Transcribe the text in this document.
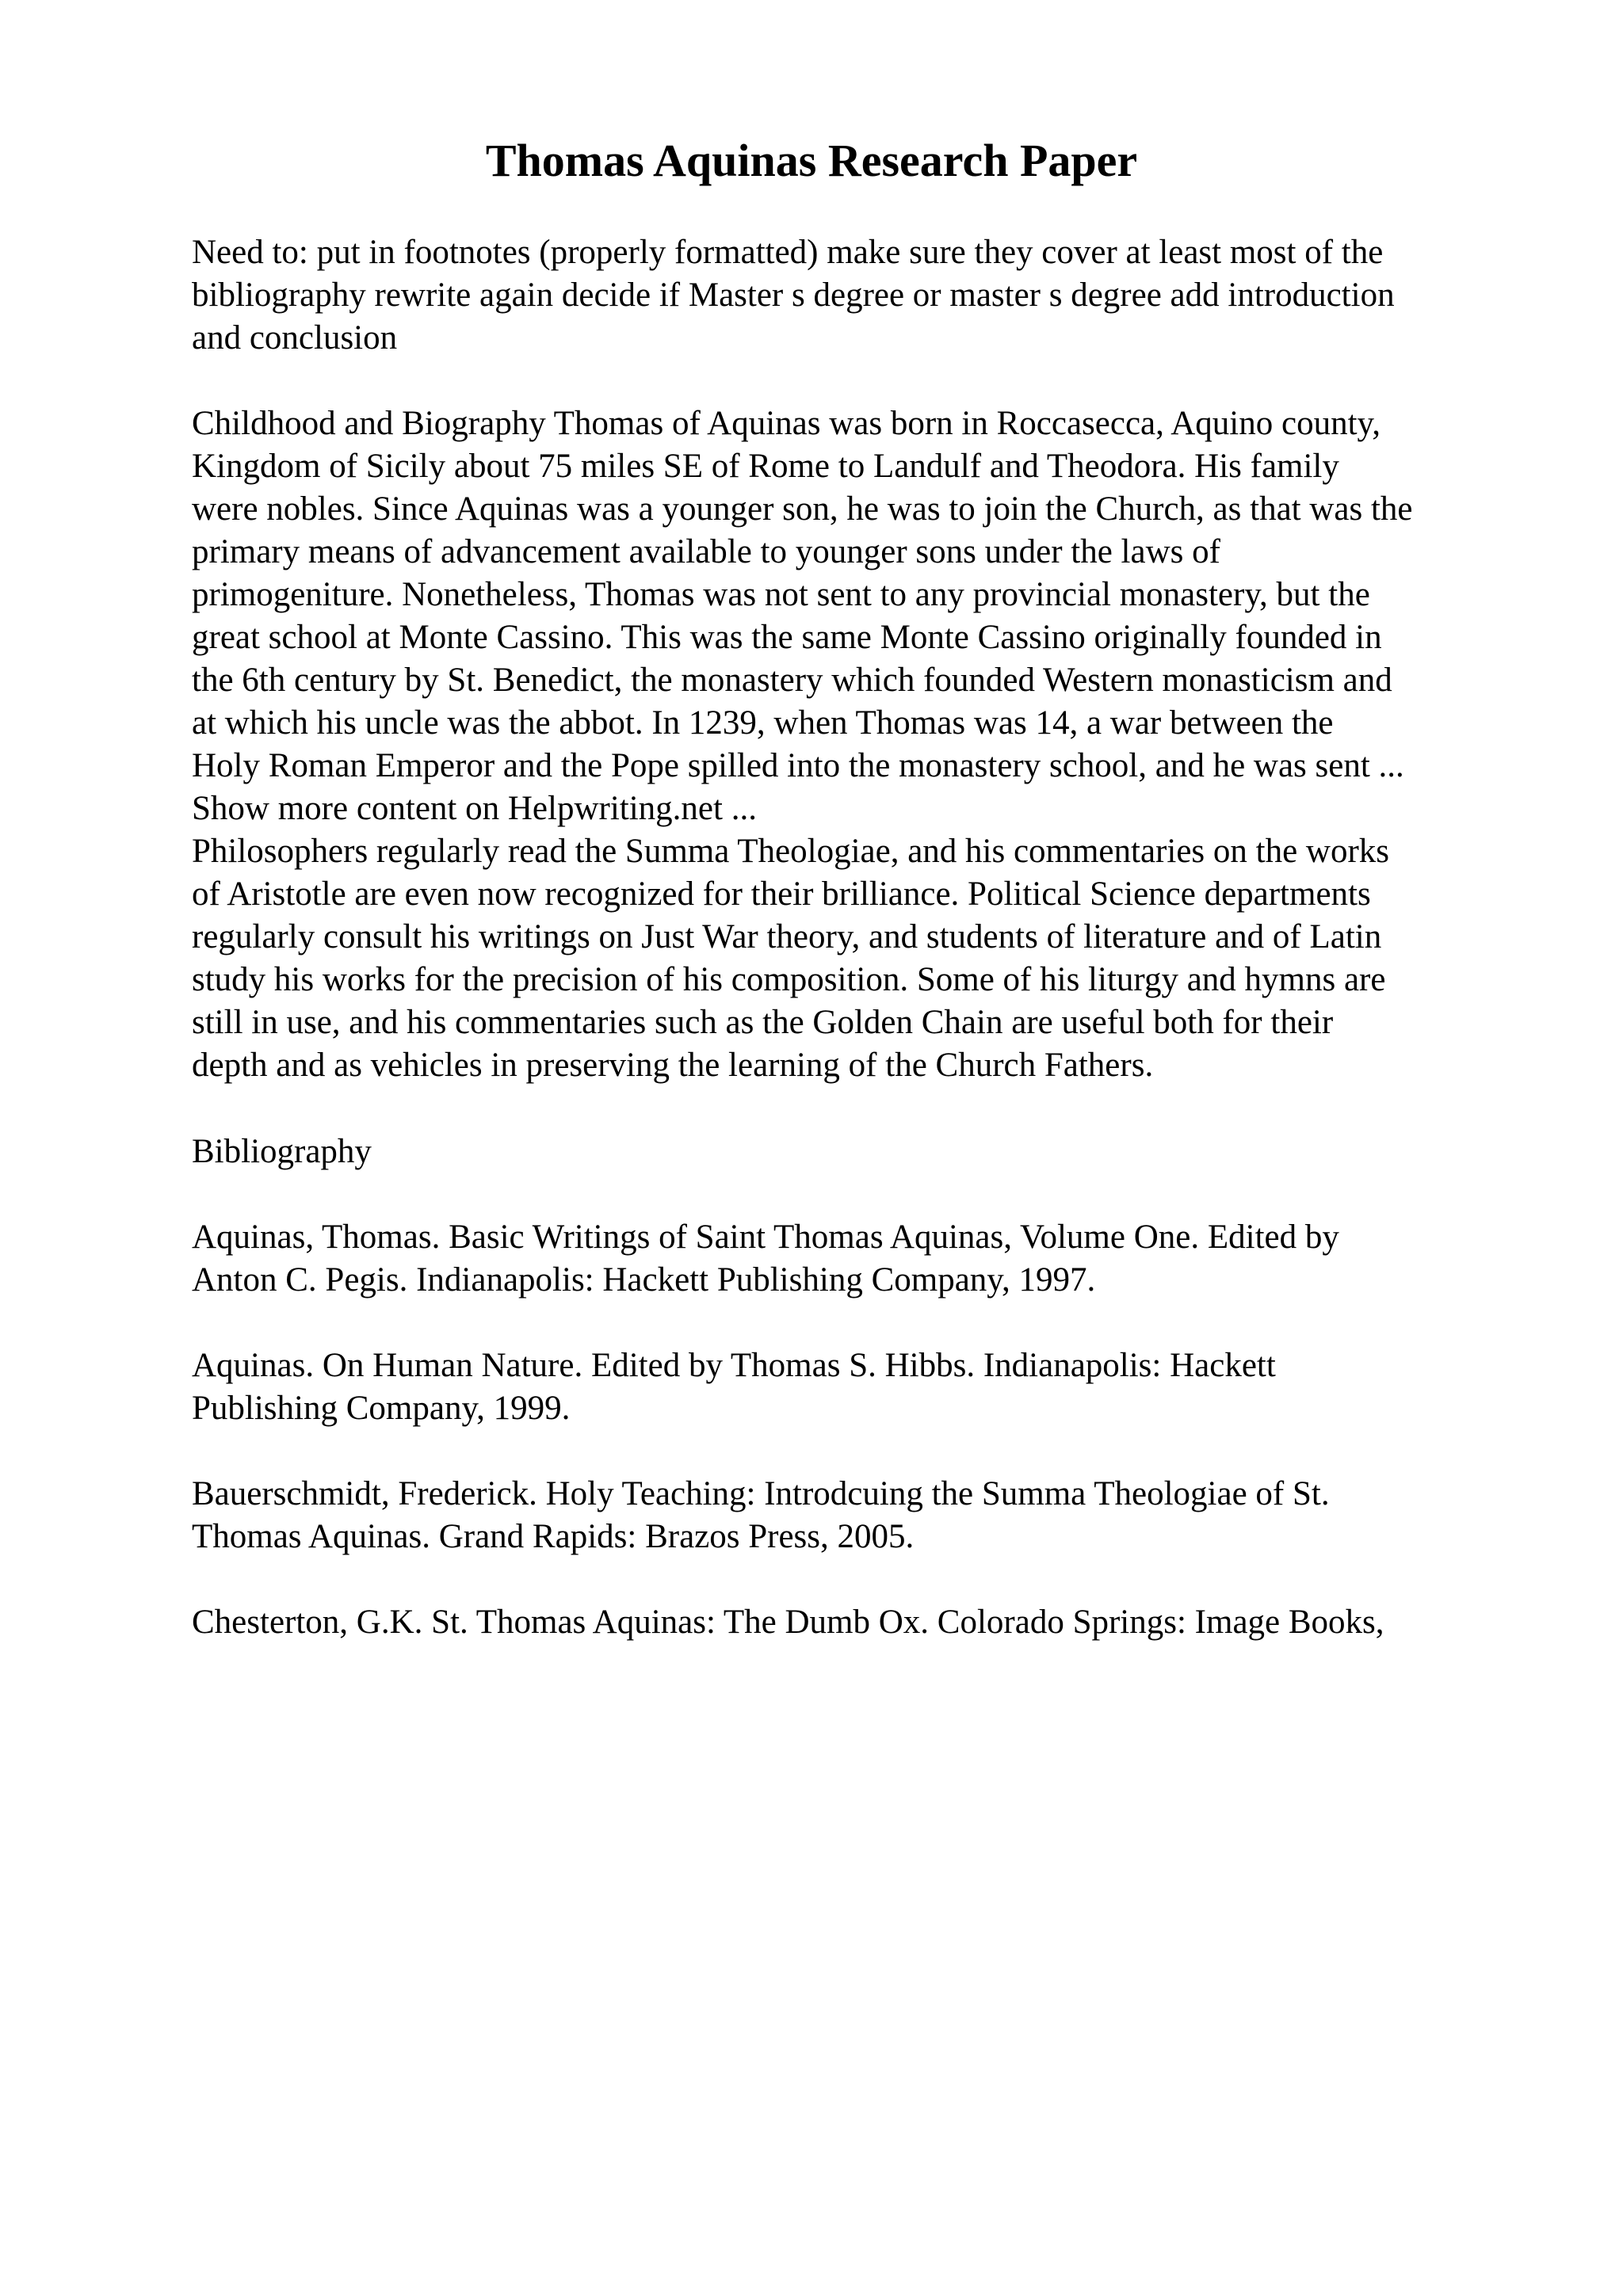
Thomas Aquinas Research Paper

Need to: put in footnotes (properly formatted) make sure they cover at least most of the
bibliography rewrite again decide if Master s degree or master s degree add introduction
and conclusion

Childhood and Biography Thomas of Aquinas was born in Roccasecca, Aquino county,
Kingdom of Sicily about 75 miles SE of Rome to Landulf and Theodora. His family
were nobles. Since Aquinas was a younger son, he was to join the Church, as that was the
primary means of advancement available to younger sons under the laws of
primogeniture. Nonetheless, Thomas was not sent to any provincial monastery, but the
great school at Monte Cassino. This was the same Monte Cassino originally founded in
the 6th century by St. Benedict, the monastery which founded Western monasticism and
at which his uncle was the abbot. In 1239, when Thomas was 14, a war between the
Holy Roman Emperor and the Pope spilled into the monastery school, and he was sent ...
Show more content on Helpwriting.net ...
Philosophers regularly read the Summa Theologiae, and his commentaries on the works
of Aristotle are even now recognized for their brilliance. Political Science departments
regularly consult his writings on Just War theory, and students of literature and of Latin
study his works for the precision of his composition. Some of his liturgy and hymns are
still in use, and his commentaries such as the Golden Chain are useful both for their
depth and as vehicles in preserving the learning of the Church Fathers.

Bibliography

Aquinas, Thomas. Basic Writings of Saint Thomas Aquinas, Volume One. Edited by
Anton C. Pegis. Indianapolis: Hackett Publishing Company, 1997.

Aquinas. On Human Nature. Edited by Thomas S. Hibbs. Indianapolis: Hackett
Publishing Company, 1999.

Bauerschmidt, Frederick. Holy Teaching: Introdcuing the Summa Theologiae of St.
Thomas Aquinas. Grand Rapids: Brazos Press, 2005.

Chesterton, G.K. St. Thomas Aquinas: The Dumb Ox. Colorado Springs: Image Books,
